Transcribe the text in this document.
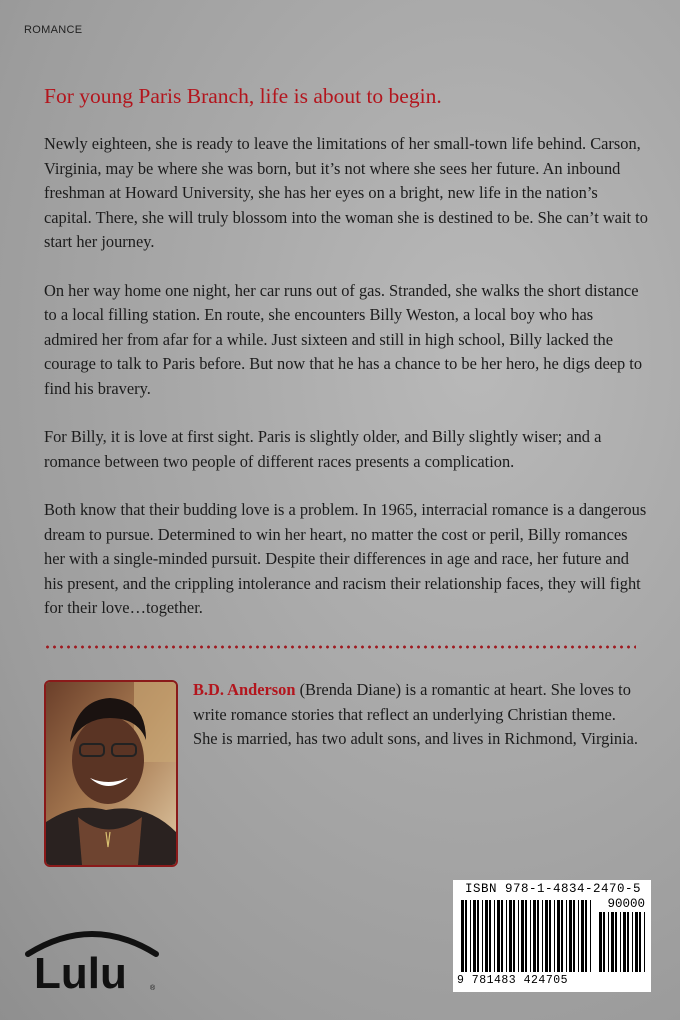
ROMANCE
For young Paris Branch, life is about to begin.

Newly eighteen, she is ready to leave the limitations of her small-town life behind. Carson, Virginia, may be where she was born, but it’s not where she sees her future. An inbound freshman at Howard University, she has her eyes on a bright, new life in the nation’s capital. There, she will truly blossom into the woman she is destined to be. She can’t wait to start her journey.

On her way home one night, her car runs out of gas. Stranded, she walks the short distance to a local filling station. En route, she encounters Billy Weston, a local boy who has admired her from afar for a while. Just sixteen and still in high school, Billy lacked the courage to talk to Paris before. But now that he has a chance to be her hero, he digs deep to find his bravery.

For Billy, it is love at first sight. Paris is slightly older, and Billy slightly wiser; and a romance between two people of different races presents a complication.

Both know that their budding love is a problem. In 1965, interracial romance is a dangerous dream to pursue. Determined to win her heart, no matter the cost or peril, Billy romances her with a single-minded pursuit. Despite their differences in age and race, her future and his present, and the crippling intolerance and racism their relationship faces, they will fight for their love…together.

B.D. Anderson (Brenda Diane) is a romantic at heart. She loves to write romance stories that reflect an underlying Christian theme. She is married, has two adult sons, and lives in Richmond, Virginia.
ISBN 978-1-4834-2470-5
90000
9 781483 424705
Lulu	®
